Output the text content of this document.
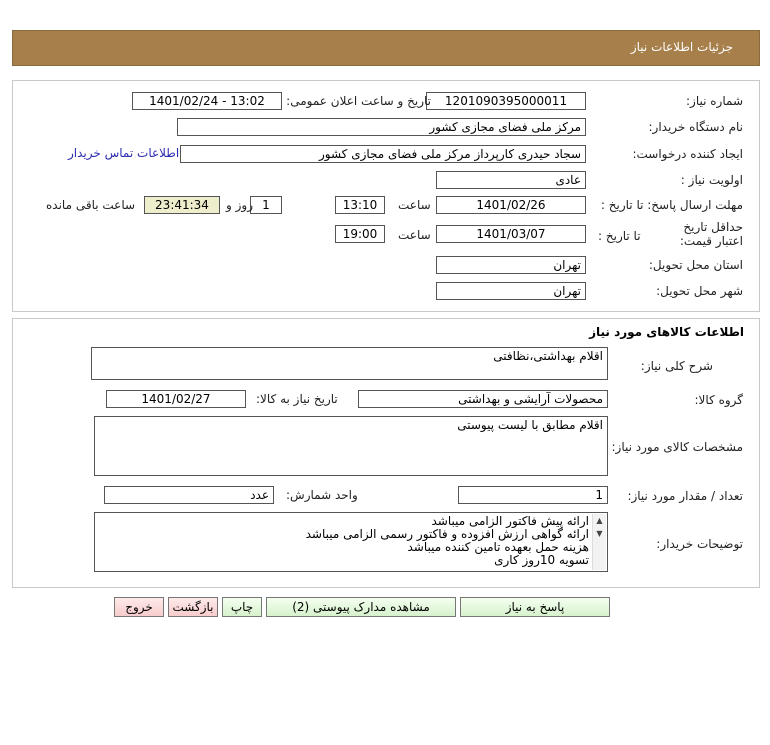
جزئیات اطلاعات نیاز
شماره نیاز:
1201090395000011
تاریخ و ساعت اعلان عمومی:
1401/02/24 - 13:02
نام دستگاه خریدار:
مرکز ملی فضای مجازی کشور
ایجاد کننده درخواست:
سجاد حیدری کارپرداز مرکز ملی فضای مجازی کشور
اطلاعات تماس خریدار
اولویت نیاز :
عادی
مهلت ارسال پاسخ: تا تاریخ :
1401/02/26
ساعت
13:10
1
روز و
23:41:34
ساعت باقی مانده
حداقل تاریخ اعتبار قیمت:
تا تاریخ :
1401/03/07
ساعت
19:00
استان محل تحویل:
تهران
شهر محل تحویل:
تهران
اطلاعات کالاهای مورد نیاز
شرح کلی نیاز:
اقلام بهداشتی،نظافتی
گروه کالا:
محصولات آرایشی و بهداشتی
تاریخ نیاز به کالا:
1401/02/27
مشخصات کالای مورد نیاز:
اقلام مطابق با لیست پیوستی
تعداد / مقدار مورد نیاز:
1
واحد شمارش:
عدد
توضیحات خریدار:
ارائه پیش فاکتور الزامی میباشد
ارائه گواهی ارزش افزوده و فاکتور رسمی الزامی میباشد
هزینه حمل بعهده تامین کننده میباشد
تسویه 10روز کاری
▲
▼
پاسخ به نیاز
مشاهده مدارک پیوستی (2)
چاپ
بازگشت
خروج
